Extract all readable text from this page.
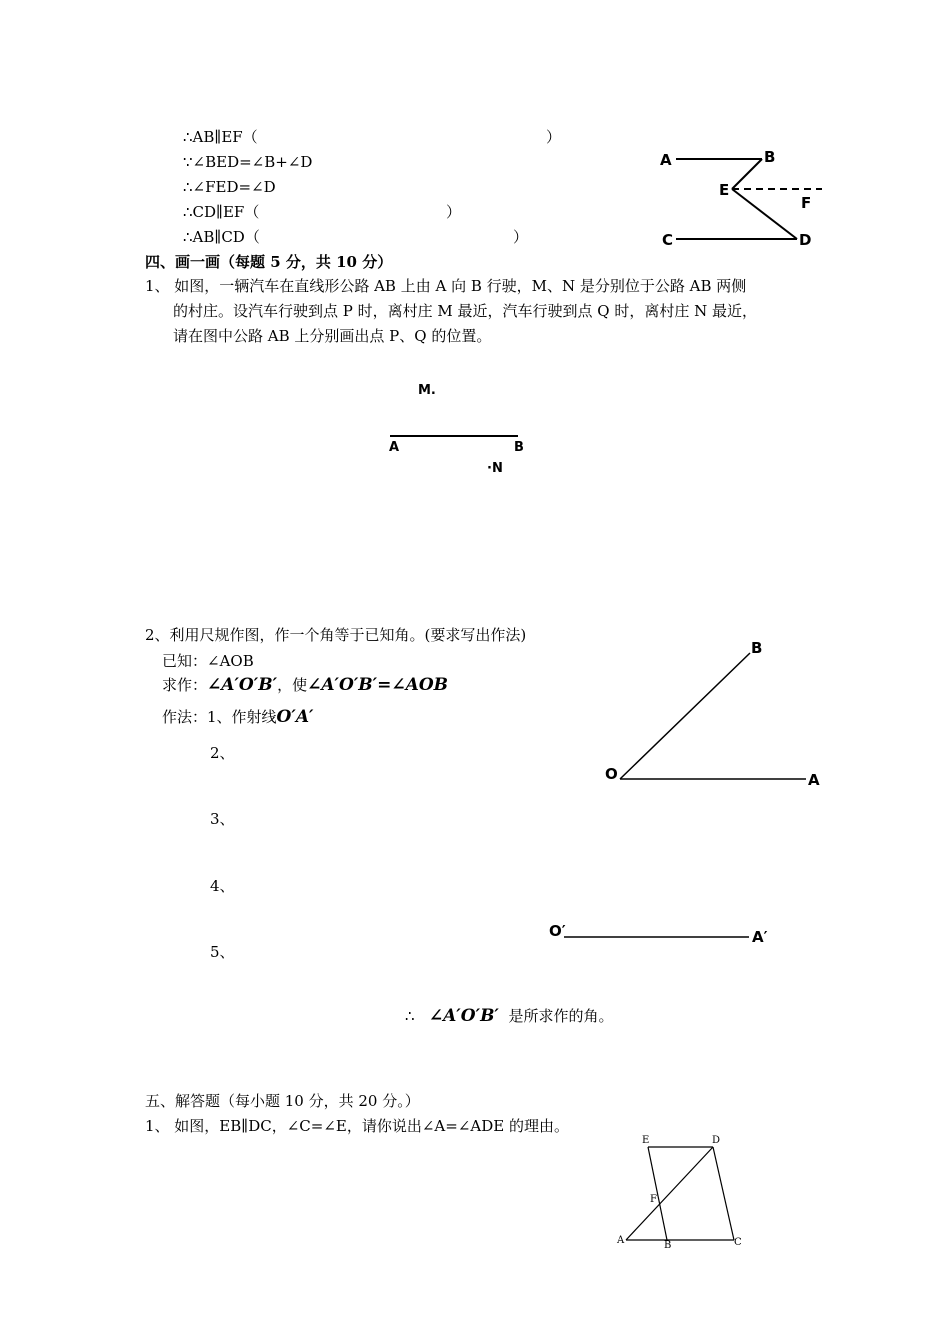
∴AB∥EF（	）
∵∠BED=∠B+∠D
∴∠FED=∠D
∴CD∥EF（	）
∴AB∥CD（	）
A	B
E
F
C	D
四、画一画（每题 5 分，共 10 分）
1、 如图，一辆汽车在直线形公路 AB 上由 A 向 B 行驶，M、N 是分别位于公路 AB 两侧
的村庄。设汽车行驶到点 P 时，离村庄 M 最近，汽车行驶到点 Q 时，离村庄 N 最近，
请在图中公路 AB 上分别画出点 P、Q 的位置。
M.
A	B
·N
2、利用尺规作图，作一个角等于已知角。(要求写出作法)
已知：∠AOB
求作：∠A′O′B′，使∠A′O′B′=∠AOB
作法：1、作射线O′A′
2、
3、
4、
5、
∴ ∠A′O′B′ 是所求作的角。
B
O	A
O′	A′
五、解答题（每小题 10 分，共 20 分。）
1、 如图，EB∥DC，∠C=∠E，请你说出∠A=∠ADE 的理由。
E	D
F
A	B	C
